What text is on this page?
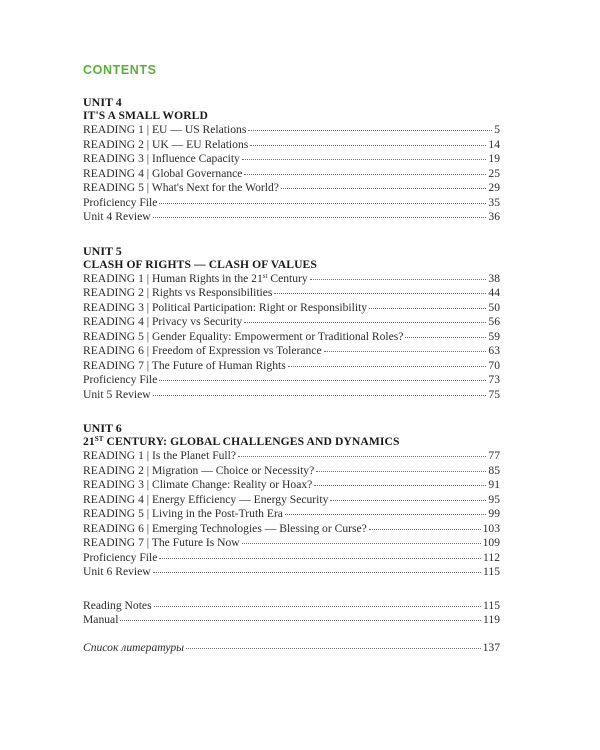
CONTENTS
UNIT 4
IT'S A SMALL WORLD
READING 1 | EU — US Relations	5
READING 2 | UK — EU Relations	14
READING 3 | Influence Capacity	19
READING 4 | Global Governance	25
READING 5 | What's Next for the World?	29
Proficiency File	35
Unit 4 Review	36
UNIT 5
CLASH OF RIGHTS — CLASH OF VALUES
READING 1 | Human Rights in the 21st Century	38
READING 2 | Rights vs Responsibilities	44
READING 3 | Political Participation: Right or Responsibility	50
READING 4 | Privacy vs Security	56
READING 5 | Gender Equality: Empowerment or Traditional Roles?	59
READING 6 | Freedom of Expression vs Tolerance	63
READING 7 | The Future of Human Rights	70
Proficiency File	73
Unit 5 Review	75
UNIT 6
21ST CENTURY: GLOBAL CHALLENGES AND DYNAMICS
READING 1 | Is the Planet Full?	77
READING 2 | Migration — Choice or Necessity?	85
READING 3 | Climate Change: Reality or Hoax?	91
READING 4 | Energy Efficiency — Energy Security	95
READING 5 | Living in the Post-Truth Era	99
READING 6 | Emerging Technologies — Blessing or Curse?	103
READING 7 | The Future Is Now	109
Proficiency File	112
Unit 6 Review	115
Reading Notes	115
Manual	119
Список литературы	137
